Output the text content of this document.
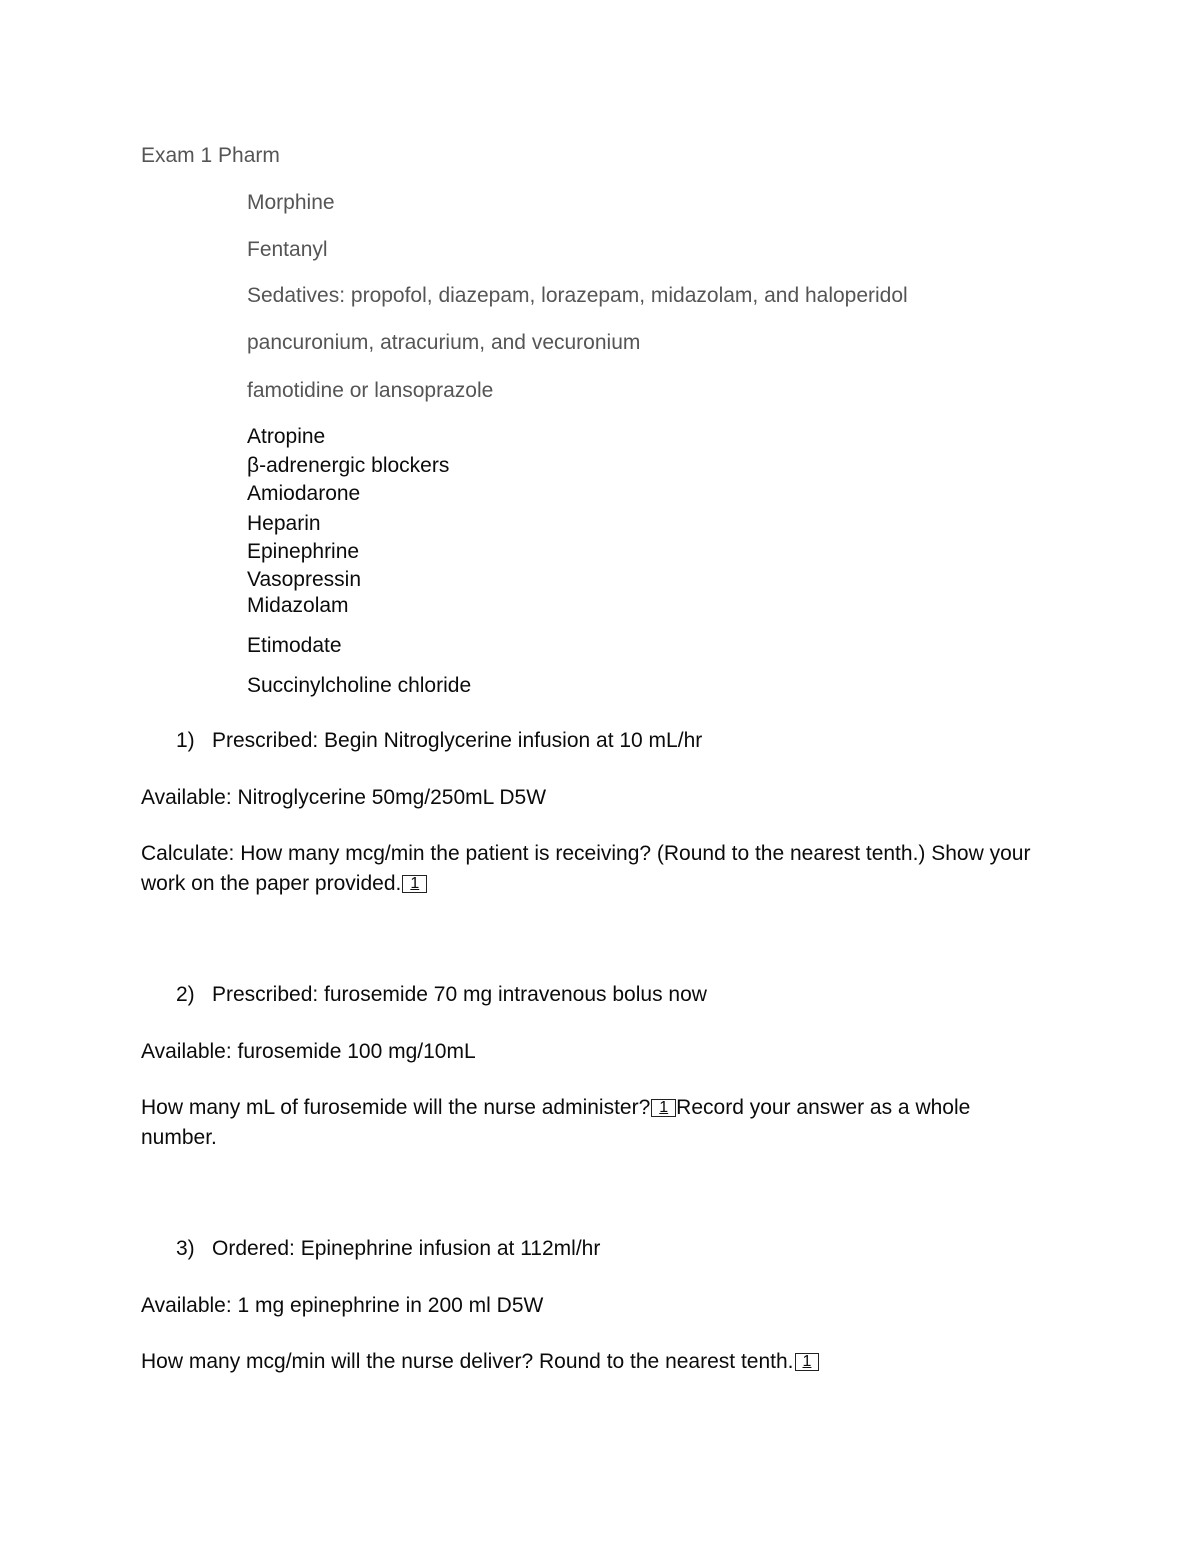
Exam 1 Pharm
Morphine
Fentanyl
Sedatives: propofol, diazepam, lorazepam, midazolam, and haloperidol
pancuronium, atracurium, and vecuronium
famotidine or lansoprazole
Atropine
β-adrenergic blockers
Amiodarone
Heparin
Epinephrine
Vasopressin
Midazolam
Etimodate
Succinylcholine chloride
1) Prescribed: Begin Nitroglycerine infusion at 10 mL/hr
Available: Nitroglycerine 50mg/250mL D5W
Calculate: How many mcg/min the patient is receiving? (Round to the nearest tenth.) Show your
work on the paper provided. 1
2) Prescribed: furosemide 70 mg intravenous bolus now
Available: furosemide 100 mg/10mL
How many mL of furosemide will the nurse administer? 1 Record your answer as a whole
number.
3) Ordered: Epinephrine infusion at 112ml/hr
Available: 1 mg epinephrine in 200 ml D5W
How many mcg/min will the nurse deliver? Round to the nearest tenth. 1
